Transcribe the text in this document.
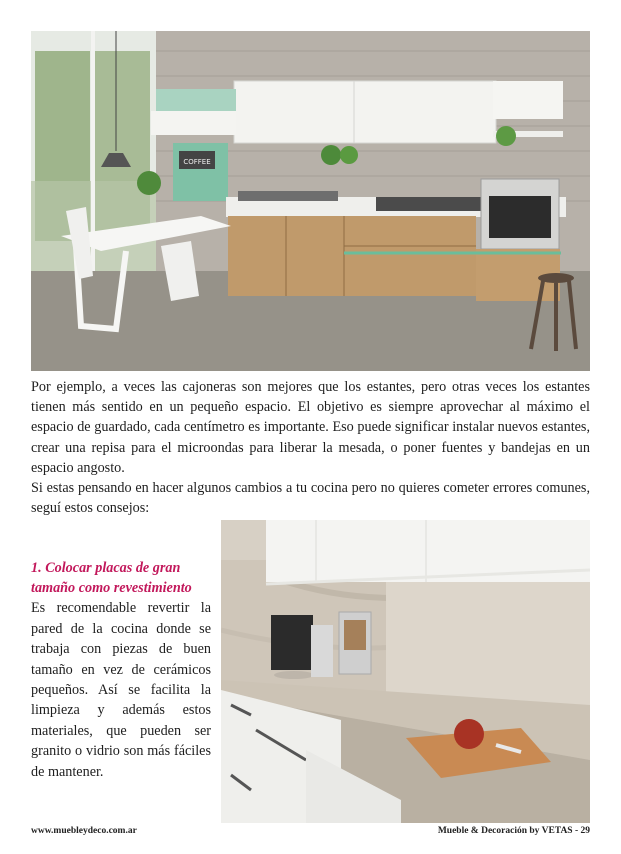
COFFEE

Por ejemplo, a veces las cajoneras son mejores que los estantes, pero otras veces los estantes tienen más sentido en un pequeño espacio. El objetivo es siempre aprovechar al máximo el espacio de guardado, cada centímetro es importante. Eso puede significar instalar nuevos estantes, crear una repisa para el microondas para liberar la mesada, o poner fuentes y bandejas en un espacio angosto.

Si estas pensando en hacer algunos cambios a tu cocina pero no quieres cometer errores comunes, seguí estos consejos:

1. Colocar placas de gran tamaño como revestimiento
Es recomendable revertir la pared de la cocina donde se trabaja con piezas de buen tamaño en vez de cerámicos pequeños. Así se facilita la limpieza y además estos materiales, que pueden ser granito o vidrio son más fáciles de mantener.
www.muebleydeco.com.ar	Mueble & Decoración by VETAS - 29
